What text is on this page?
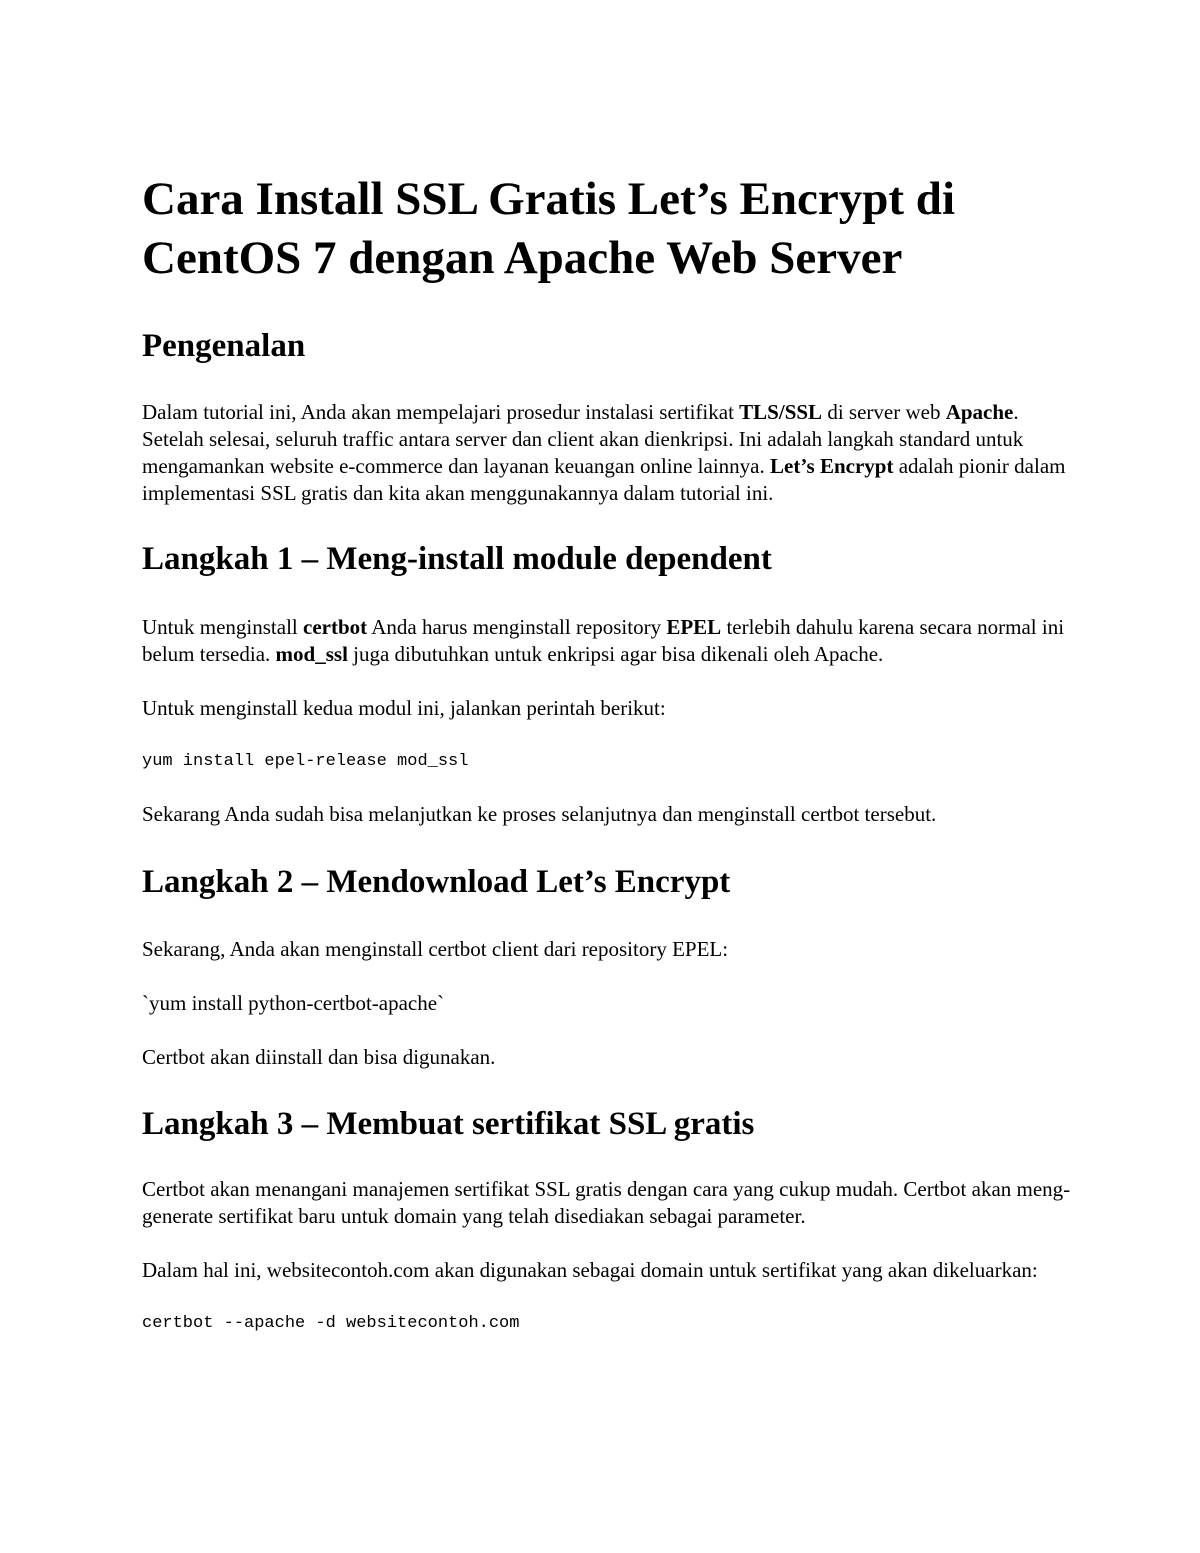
Cara Install SSL Gratis Let’s Encrypt di CentOS 7 dengan Apache Web Server
Pengenalan

Dalam tutorial ini, Anda akan mempelajari prosedur instalasi sertifikat TLS/SSL di server web Apache. Setelah selesai, seluruh traffic antara server dan client akan dienkripsi. Ini adalah langkah standard untuk mengamankan website e-commerce dan layanan keuangan online lainnya. Let’s Encrypt adalah pionir dalam implementasi SSL gratis dan kita akan menggunakannya dalam tutorial ini.

Langkah 1 – Meng-install module dependent

Untuk menginstall certbot Anda harus menginstall repository EPEL terlebih dahulu karena secara normal ini belum tersedia. mod_ssl juga dibutuhkan untuk enkripsi agar bisa dikenali oleh Apache.

Untuk menginstall kedua modul ini, jalankan perintah berikut:

yum install epel-release mod_ssl

Sekarang Anda sudah bisa melanjutkan ke proses selanjutnya dan menginstall certbot tersebut.

Langkah 2 – Mendownload Let’s Encrypt

Sekarang, Anda akan menginstall certbot client dari repository EPEL:

`yum install python-certbot-apache`

Certbot akan diinstall dan bisa digunakan.

Langkah 3 – Membuat sertifikat SSL gratis

Certbot akan menangani manajemen sertifikat SSL gratis dengan cara yang cukup mudah. Certbot akan meng-generate sertifikat baru untuk domain yang telah disediakan sebagai parameter.

Dalam hal ini, websitecontoh.com akan digunakan sebagai domain untuk sertifikat yang akan dikeluarkan:

certbot --apache -d websitecontoh.com
